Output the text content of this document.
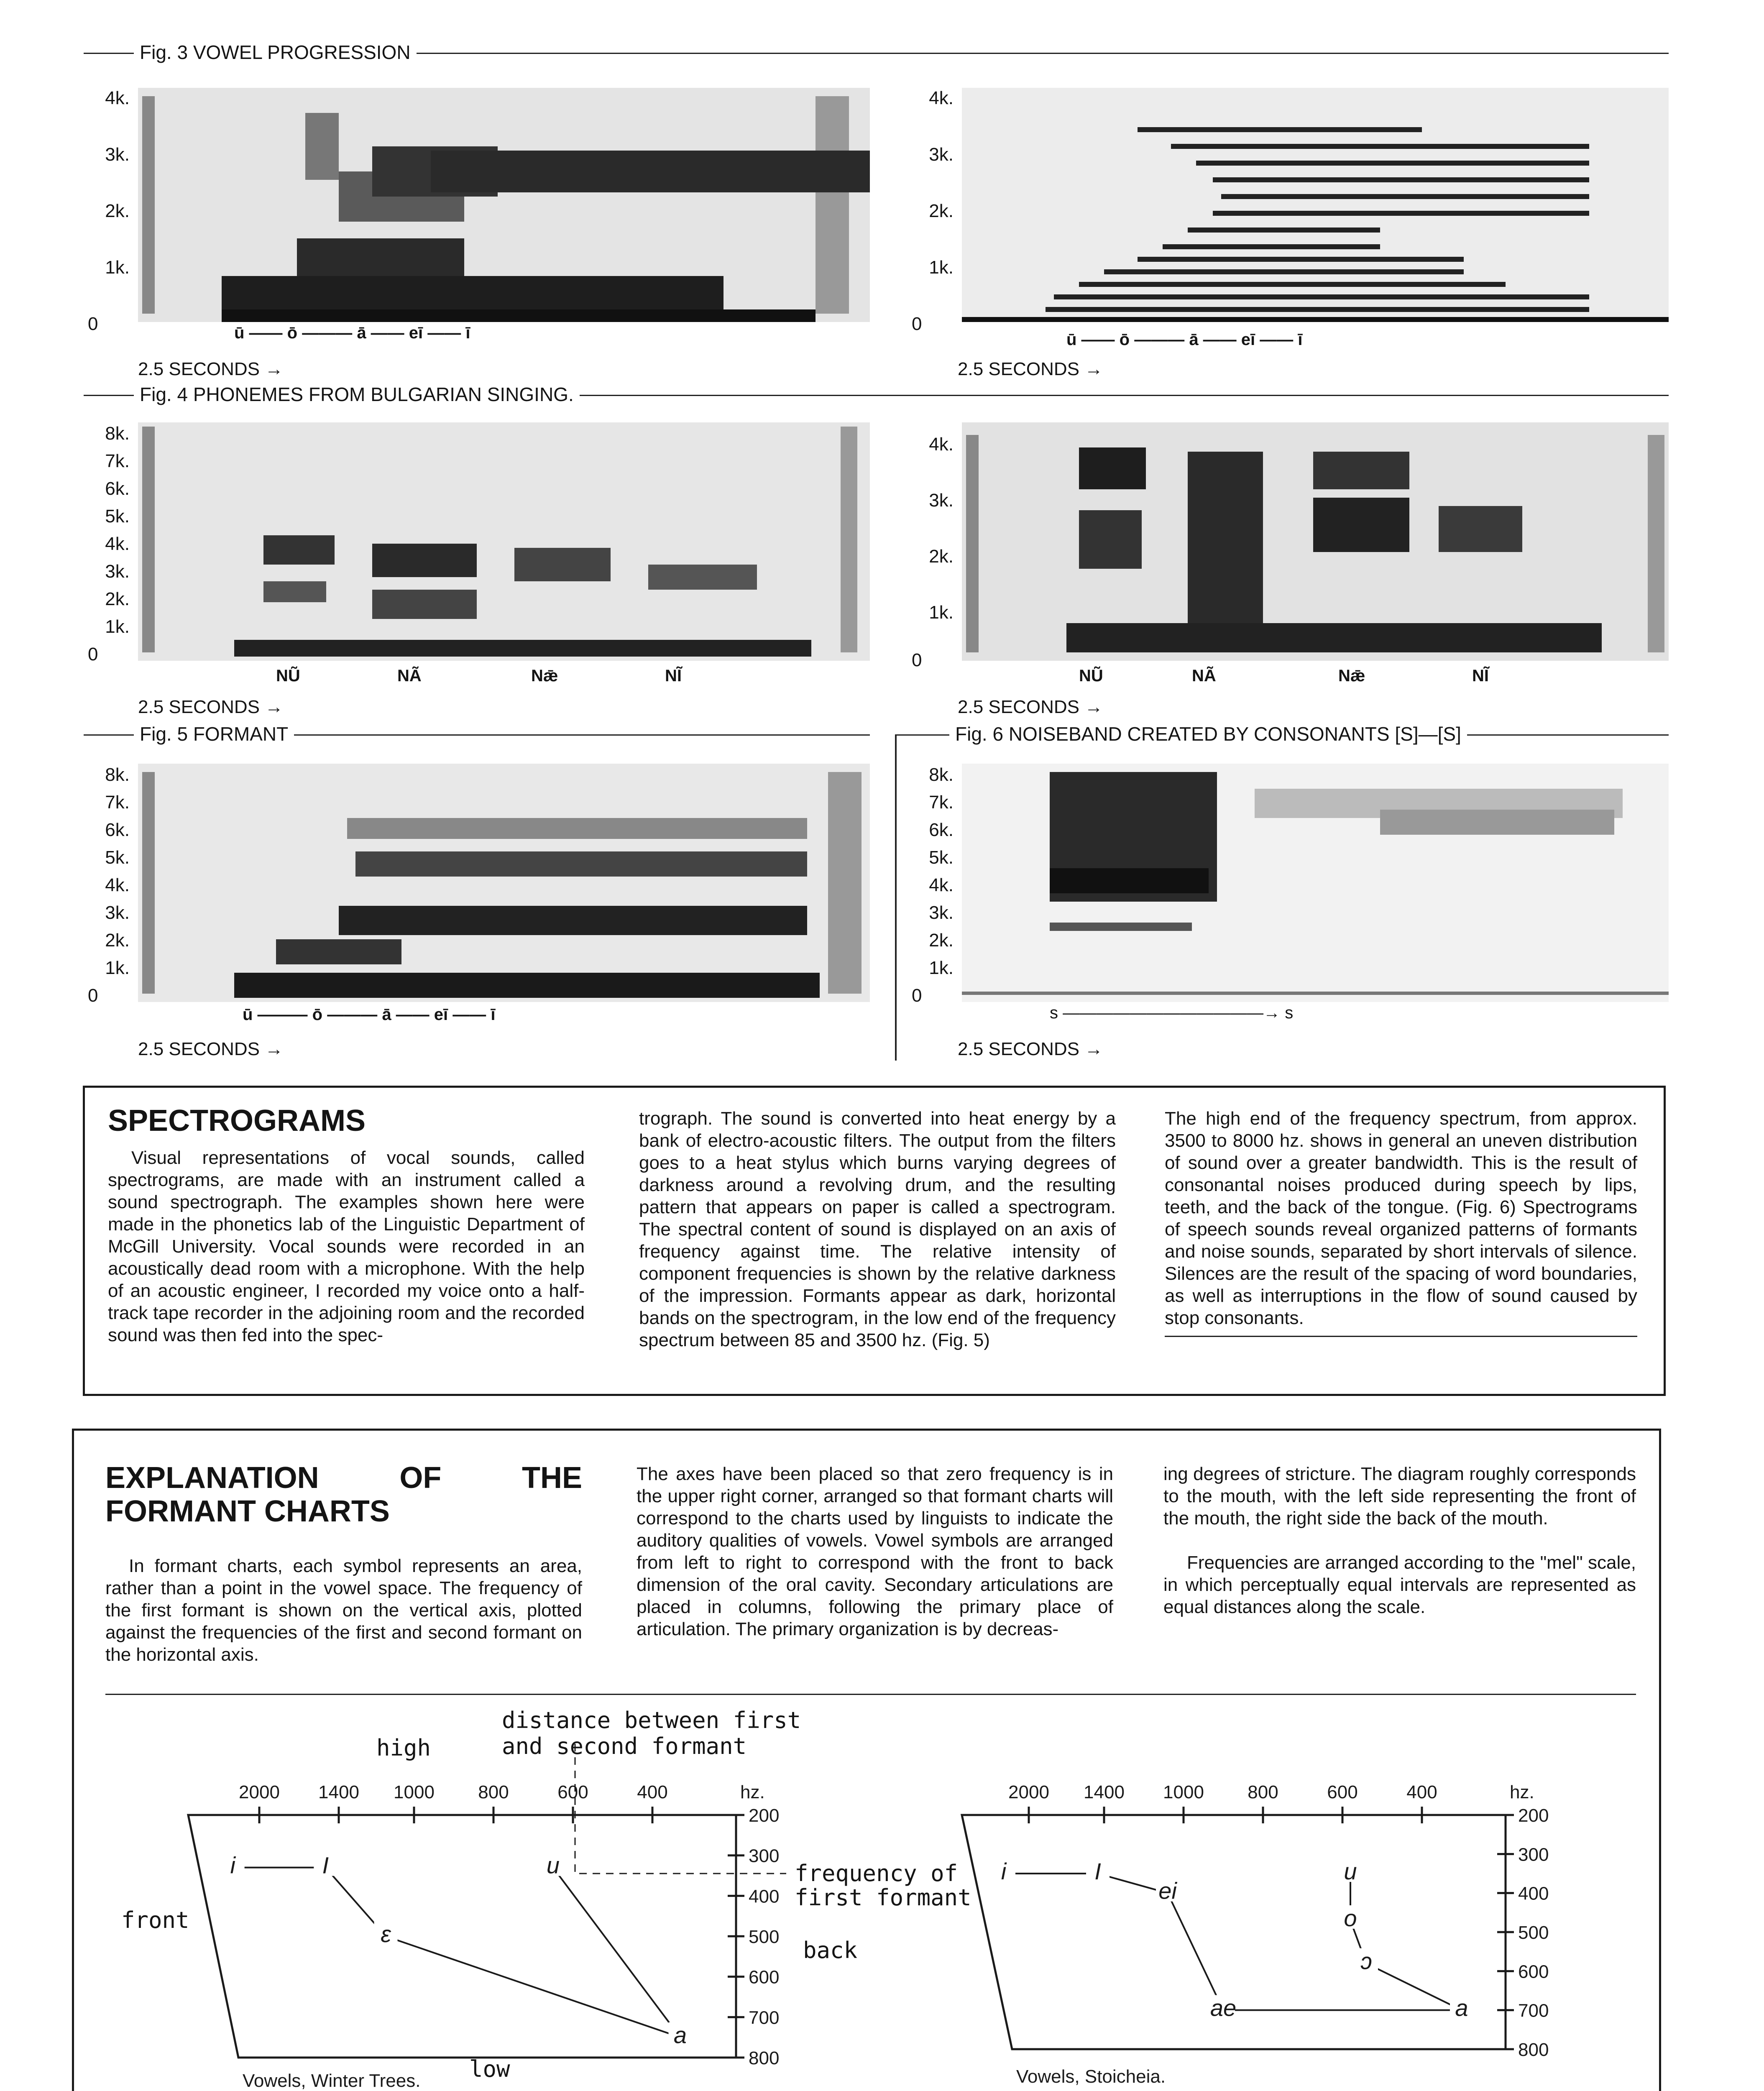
Fig. 3 VOWEL PROGRESSION
4k.
3k.
2k.
1k.
0
4k.
3k.
2k.
1k.
0
ū —— ō ——— ā —— eī —— ī	ū —— ō ——— ā —— eī —— ī
2.5 SECONDS →	2.5 SECONDS →
Fig. 4 PHONEMES FROM BULGARIAN SINGING.
8k.
7k.
6k.
5k.
4k.
3k.
2k.
1k.
0
4k.
3k.
2k.
1k.
0
NŨ	NÃ	Nǣ	NĨ	NŨ	NÃ	Nǣ	NĨ
2.5 SECONDS →	2.5 SECONDS →
Fig. 5 FORMANT
8k.
7k.
6k.
5k.
4k.
3k.
2k.
1k.
0
ū ——— ō ——— ā —— eī —— ī
2.5 SECONDS →
Fig. 6 NOISEBAND CREATED BY CONSONANTS [S]—[S]
8k.
7k.
6k.
5k.
4k.
3k.
2k.
1k.
0
s ————————————→ s
2.5 SECONDS →
SPECTROGRAMS

Visual representations of vocal sounds, called spectrograms, are made with an instrument called a sound spectrograph. The examples shown here were made in the phonetics lab of the Linguistic Department of McGill University. Vocal sounds were recorded in an acoustically dead room with a microphone. With the help of an acoustic engineer, I recorded my voice onto a half-track tape recorder in the adjoining room and the recorded sound was then fed into the spec-

trograph. The sound is converted into heat energy by a bank of electro-acoustic filters. The output from the filters goes to a heat stylus which burns varying degrees of darkness around a revolving drum, and the resulting pattern that appears on paper is called a spectrogram. The spectral content of sound is displayed on an axis of frequency against time. The relative intensity of component frequencies is shown by the relative darkness of the impression. Formants appear as dark, horizontal bands on the spectrogram, in the low end of the frequency spectrum between 85 and 3500 hz. (Fig. 5)

The high end of the frequency spectrum, from approx. 3500 to 8000 hz. shows in general an uneven distribution of sound over a greater bandwidth. This is the result of consonantal noises produced during speech by lips, teeth, and the back of the tongue. (Fig. 6) Spectrograms of speech sounds reveal organized patterns of formants and noise sounds, separated by short intervals of silence. Silences are the result of the spacing of word boundaries, as well as interruptions in the flow of sound caused by stop consonants.

EXPLANATION OF THE FORMANT CHARTS

In formant charts, each symbol represents an area, rather than a point in the vowel space. The frequency of the first formant is shown on the vertical axis, plotted against the frequencies of the first and second formant on the horizontal axis.

The axes have been placed so that zero frequency is in the upper right corner, arranged so that formant charts will correspond to the charts used by linguists to indicate the auditory qualities of vowels. Vowel symbols are arranged from left to right to correspond with the front to back dimension of the oral cavity. Secondary articulations are placed in columns, following the primary place of articulation. The primary organization is by decreas-

ing degrees of stricture. The diagram roughly corresponds to the mouth, with the left side representing the front of the mouth, the right side the back of the mouth.

Frequencies are arranged according to the "mel" scale, in which perceptually equal intervals are represented as equal distances along the scale.

2000 1400 1000 800	600	400	hz.
200
300
400
500
600
700
800
i	I
ε
u
a
Vowels, Winter Trees.
2000 1400 1000 800	600	400	hz.
200
300
400
500
600
700
800
i	I
ei
ae
u
o
ɔ
a
Vowels, Stoicheia.
distance between first
and second formant
high
low
front
back
frequency of
first formant
